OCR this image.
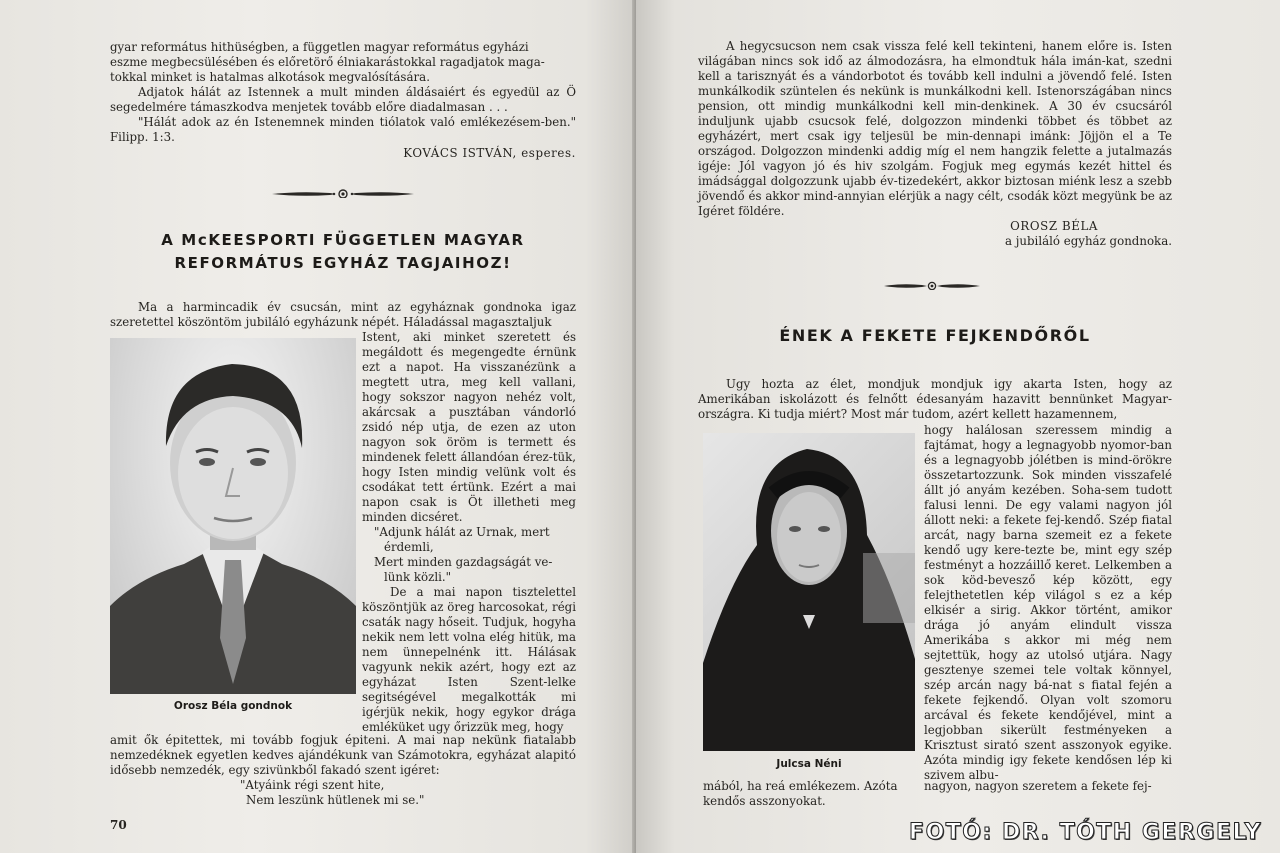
gyar református hithüségben, a független magyar református egyházi

eszme megbecsülésében és előretörő élniakarástokkal ragadjatok maga-

tokkal minket is hatalmas alkotások megvalósítására.

Adjatok hálát az Istennek a mult minden áldásaiért és egyedül az Ö segedelmére támaszkodva menjetek tovább előre diadalmasan . . .

"Hálát adok az én Istenemnek minden tiólatok való emlékezésem-ben." Filipp. 1:3.

KOVÁCS ISTVÁN, esperes.

A McKEESPORTI FÜGGETLEN MAGYAR
REFORMÁTUS EGYHÁZ TAGJAIHOZ!
Ma a harmincadik év csucsán, mint az egyháznak gondnoka igaz szeretettel köszöntöm jubiláló egyházunk népét. Háladással magasztaljuk
Orosz Béla gondnok

Istent, aki minket szeretett és megáldott és megengedte érnünk ezt a napot. Ha visszanézünk a megtett utra, meg kell vallani, hogy sokszor nagyon nehéz volt, akárcsak a pusztában vándorló zsidó nép utja, de ezen az uton nagyon sok öröm is termett és mindenek felett állandóan érez-tük, hogy Isten mindig velünk volt és csodákat tett értünk. Ezért a mai napon csak is Öt illetheti meg minden dicséret.

"Adjunk hálát az Urnak, mert érdemli,

Mert minden gazdagságát ve-lünk közli."

De a mai napon tisztelettel köszöntjük az öreg harcosokat, régi csaták nagy hőseit. Tudjuk, hogyha nekik nem lett volna elég hitük, ma nem ünnepelnénk itt. Hálásak vagyunk nekik azért, hogy ezt az egyházat Isten Szent-lelke segitségével megalkották mi igérjük nekik, hogy egykor drága emléküket ugy őrizzük meg, hogy

amit ők épitettek, mi tovább fogjuk épiteni. A mai nap nekünk fiatalabb nemzedéknek egyetlen kedves ajándékunk van Számotokra, egyházat alapitó idősebb nemzedék, egy szivünkből fakadó szent igéret:

"Atyáink régi szent hite,

Nem leszünk hütlenek mi se."

70
A hegycsucson nem csak vissza felé kell tekinteni, hanem előre is. Isten világában nincs sok idő az álmodozásra, ha elmondtuk hála imán-kat, szedni kell a tarisznyát és a vándorbotot és tovább kell indulni a jövendő felé. Isten munkálkodik szüntelen és nekünk is munkálkodni kell. Istenországában nincs pension, ott mindig munkálkodni kell min-denkinek. A 30 év csucsáról induljunk ujabb csucsok felé, dolgozzon mindenki többet és többet az egyházért, mert csak igy teljesül be min-dennapi imánk: Jöjjön el a Te országod. Dolgozzon mindenki addig míg el nem hangzik felette a jutalmazás igéje: Jól vagyon jó és hiv szolgám. Fogjuk meg egymás kezét hittel és imádsággal dolgozzunk ujabb év-tizedekért, akkor biztosan miénk lesz a szebb jövendő és akkor mind-annyian elérjük a nagy célt, csodák közt megyünk be az Igéret földére.
OROSZ BÉLA
a jubiláló egyház gondnoka.
ÉNEK A FEKETE FEJKENDŐRŐL
Ugy hozta az élet, mondjuk mondjuk igy akarta Isten, hogy az Amerikában iskolázott és felnőtt édesanyám hazavitt bennünket Magyar-országra. Ki tudja miért? Most már tudom, azért kellett hazamennem,
Julcsa Néni
hogy halálosan szeressem mindig a fajtámat, hogy a legnagyobb nyomor-ban és a legnagyobb jólétben is mind-örökre összetartozzunk. Sok minden visszafelé állt jó anyám kezében. Soha-sem tudott falusi lenni. De egy valami nagyon jól állott neki: a fekete fej-kendő. Szép fiatal arcát, nagy barna szemeit ez a fekete kendő ugy kere-tezte be, mint egy szép festményt a hozzáillő keret. Lelkemben a sok köd-bevesző kép között, egy felejthetetlen kép világol s ez a kép elkisér a sirig. Akkor történt, amikor drága jó anyám elindult vissza Amerikába s akkor mi még nem sejtettük, hogy az utolsó utjára. Nagy gesztenye szemei tele voltak könnyel, szép arcán nagy bá-nat s fiatal fején a fekete fejkendő. Olyan volt szomoru arcával és fekete kendőjével, mint a legjobban sikerült festményeken a Krisztust sirató szent asszonyok egyike. Azóta mindig igy fekete kendősen lép ki szivem albu-
nagyon, nagyon szeretem a fekete fej-
mából, ha reá emlékezem. Azóta kendős asszonyokat.
FOTÓ: DR. TÓTH GERGELY
